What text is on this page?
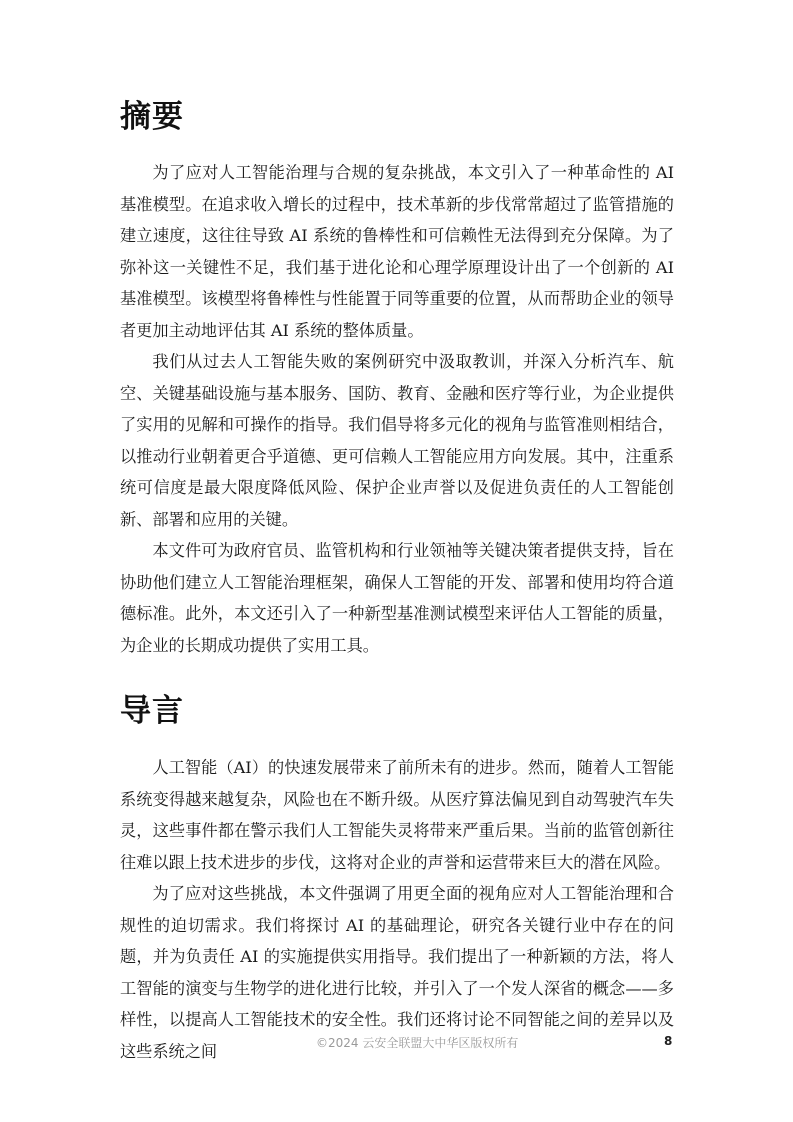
摘要

为了应对人工智能治理与合规的复杂挑战，本文引入了一种革命性的 AI 基准模型。在追求收入增长的过程中，技术革新的步伐常常超过了监管措施的建立速度，这往往导致 AI 系统的鲁棒性和可信赖性无法得到充分保障。为了弥补这一关键性不足，我们基于进化论和心理学原理设计出了一个创新的 AI 基准模型。该模型将鲁棒性与性能置于同等重要的位置，从而帮助企业的领导者更加主动地评估其 AI 系统的整体质量。

我们从过去人工智能失败的案例研究中汲取教训，并深入分析汽车、航空、关键基础设施与基本服务、国防、教育、金融和医疗等行业，为企业提供了实用的见解和可操作的指导。我们倡导将多元化的视角与监管准则相结合，以推动行业朝着更合乎道德、更可信赖人工智能应用方向发展。其中，注重系统可信度是最大限度降低风险、保护企业声誉以及促进负责任的人工智能创新、部署和应用的关键。

本文件可为政府官员、监管机构和行业领袖等关键决策者提供支持，旨在协助他们建立人工智能治理框架，确保人工智能的开发、部署和使用均符合道德标准。此外，本文还引入了一种新型基准测试模型来评估人工智能的质量，为企业的长期成功提供了实用工具。

导言

人工智能（AI）的快速发展带来了前所未有的进步。然而，随着人工智能系统变得越来越复杂，风险也在不断升级。从医疗算法偏见到自动驾驶汽车失灵，这些事件都在警示我们人工智能失灵将带来严重后果。当前的监管创新往往难以跟上技术进步的步伐，这将对企业的声誉和运营带来巨大的潜在风险。

为了应对这些挑战，本文件强调了用更全面的视角应对人工智能治理和合规性的迫切需求。我们将探讨 AI 的基础理论，研究各关键行业中存在的问题，并为负责任 AI 的实施提供实用指导。我们提出了一种新颖的方法，将人工智能的演变与生物学的进化进行比较，并引入了一个发人深省的概念——多样性，以提高人工智能技术的安全性。我们还将讨论不同智能之间的差异以及这些系统之间	©2024 云安全联盟大中华区版权所有	8
